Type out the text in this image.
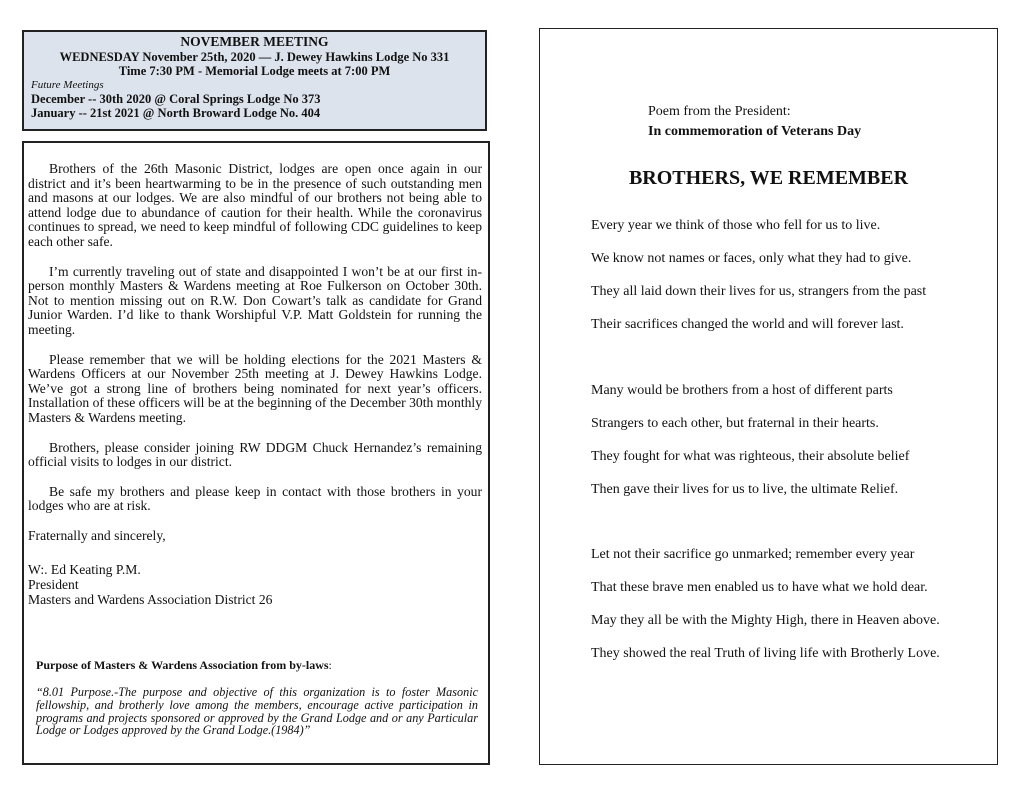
NOVEMBER MEETING
WEDNESDAY November 25th, 2020 — J. Dewey Hawkins Lodge No 331
Time 7:30 PM - Memorial Lodge meets at 7:00 PM
Future Meetings
December -- 30th 2020 @ Coral Springs Lodge No 373
January -- 21st 2021 @ North Broward Lodge No. 404

Brothers of the 26th Masonic District, lodges are open once again in our district and it’s been heartwarming to be in the presence of such outstanding men and masons at our lodges. We are also mindful of our brothers not being able to attend lodge due to abundance of caution for their health. While the coronavirus continues to spread, we need to keep mindful of following CDC guidelines to keep each other safe.

I’m currently traveling out of state and disappointed I won’t be at our first in-person monthly Masters & Wardens meeting at Roe Fulkerson on October 30th. Not to mention missing out on R.W. Don Cowart’s talk as candidate for Grand Junior Warden. I’d like to thank Worshipful V.P. Matt Goldstein for running the meeting.

Please remember that we will be holding elections for the 2021 Masters & Wardens Officers at our November 25th meeting at J. Dewey Hawkins Lodge. We’ve got a strong line of brothers being nominated for next year’s officers. Installation of these officers will be at the beginning of the December 30th monthly Masters & Wardens meeting.

Brothers, please consider joining RW DDGM Chuck Hernandez’s remaining official visits to lodges in our district.

Be safe my brothers and please keep in contact with those brothers in your lodges who are at risk.

Fraternally and sincerely,

W:. Ed Keating P.M.
President
Masters and Wardens Association District 26
Purpose of Masters & Wardens Association from by-laws:
“8.01 Purpose.-The purpose and objective of this organization is to foster Masonic fellowship, and brotherly love among the members, encourage active participation in programs and projects sponsored or approved by the Grand Lodge and or any Particular Lodge or Lodges approved by the Grand Lodge.(1984)”
Poem from the President:
In commemoration of Veterans Day
BROTHERS, WE REMEMBER
Every year we think of those who fell for us to live.
We know not names or faces, only what they had to give.
They all laid down their lives for us, strangers from the past
Their sacrifices changed the world and will forever last.
Many would be brothers from a host of different parts
Strangers to each other, but fraternal in their hearts.
They fought for what was righteous, their absolute belief
Then gave their lives for us to live, the ultimate Relief.
Let not their sacrifice go unmarked; remember every year
That these brave men enabled us to have what we hold dear.
May they all be with the Mighty High, there in Heaven above.
They showed the real Truth of living life with Brotherly Love.
